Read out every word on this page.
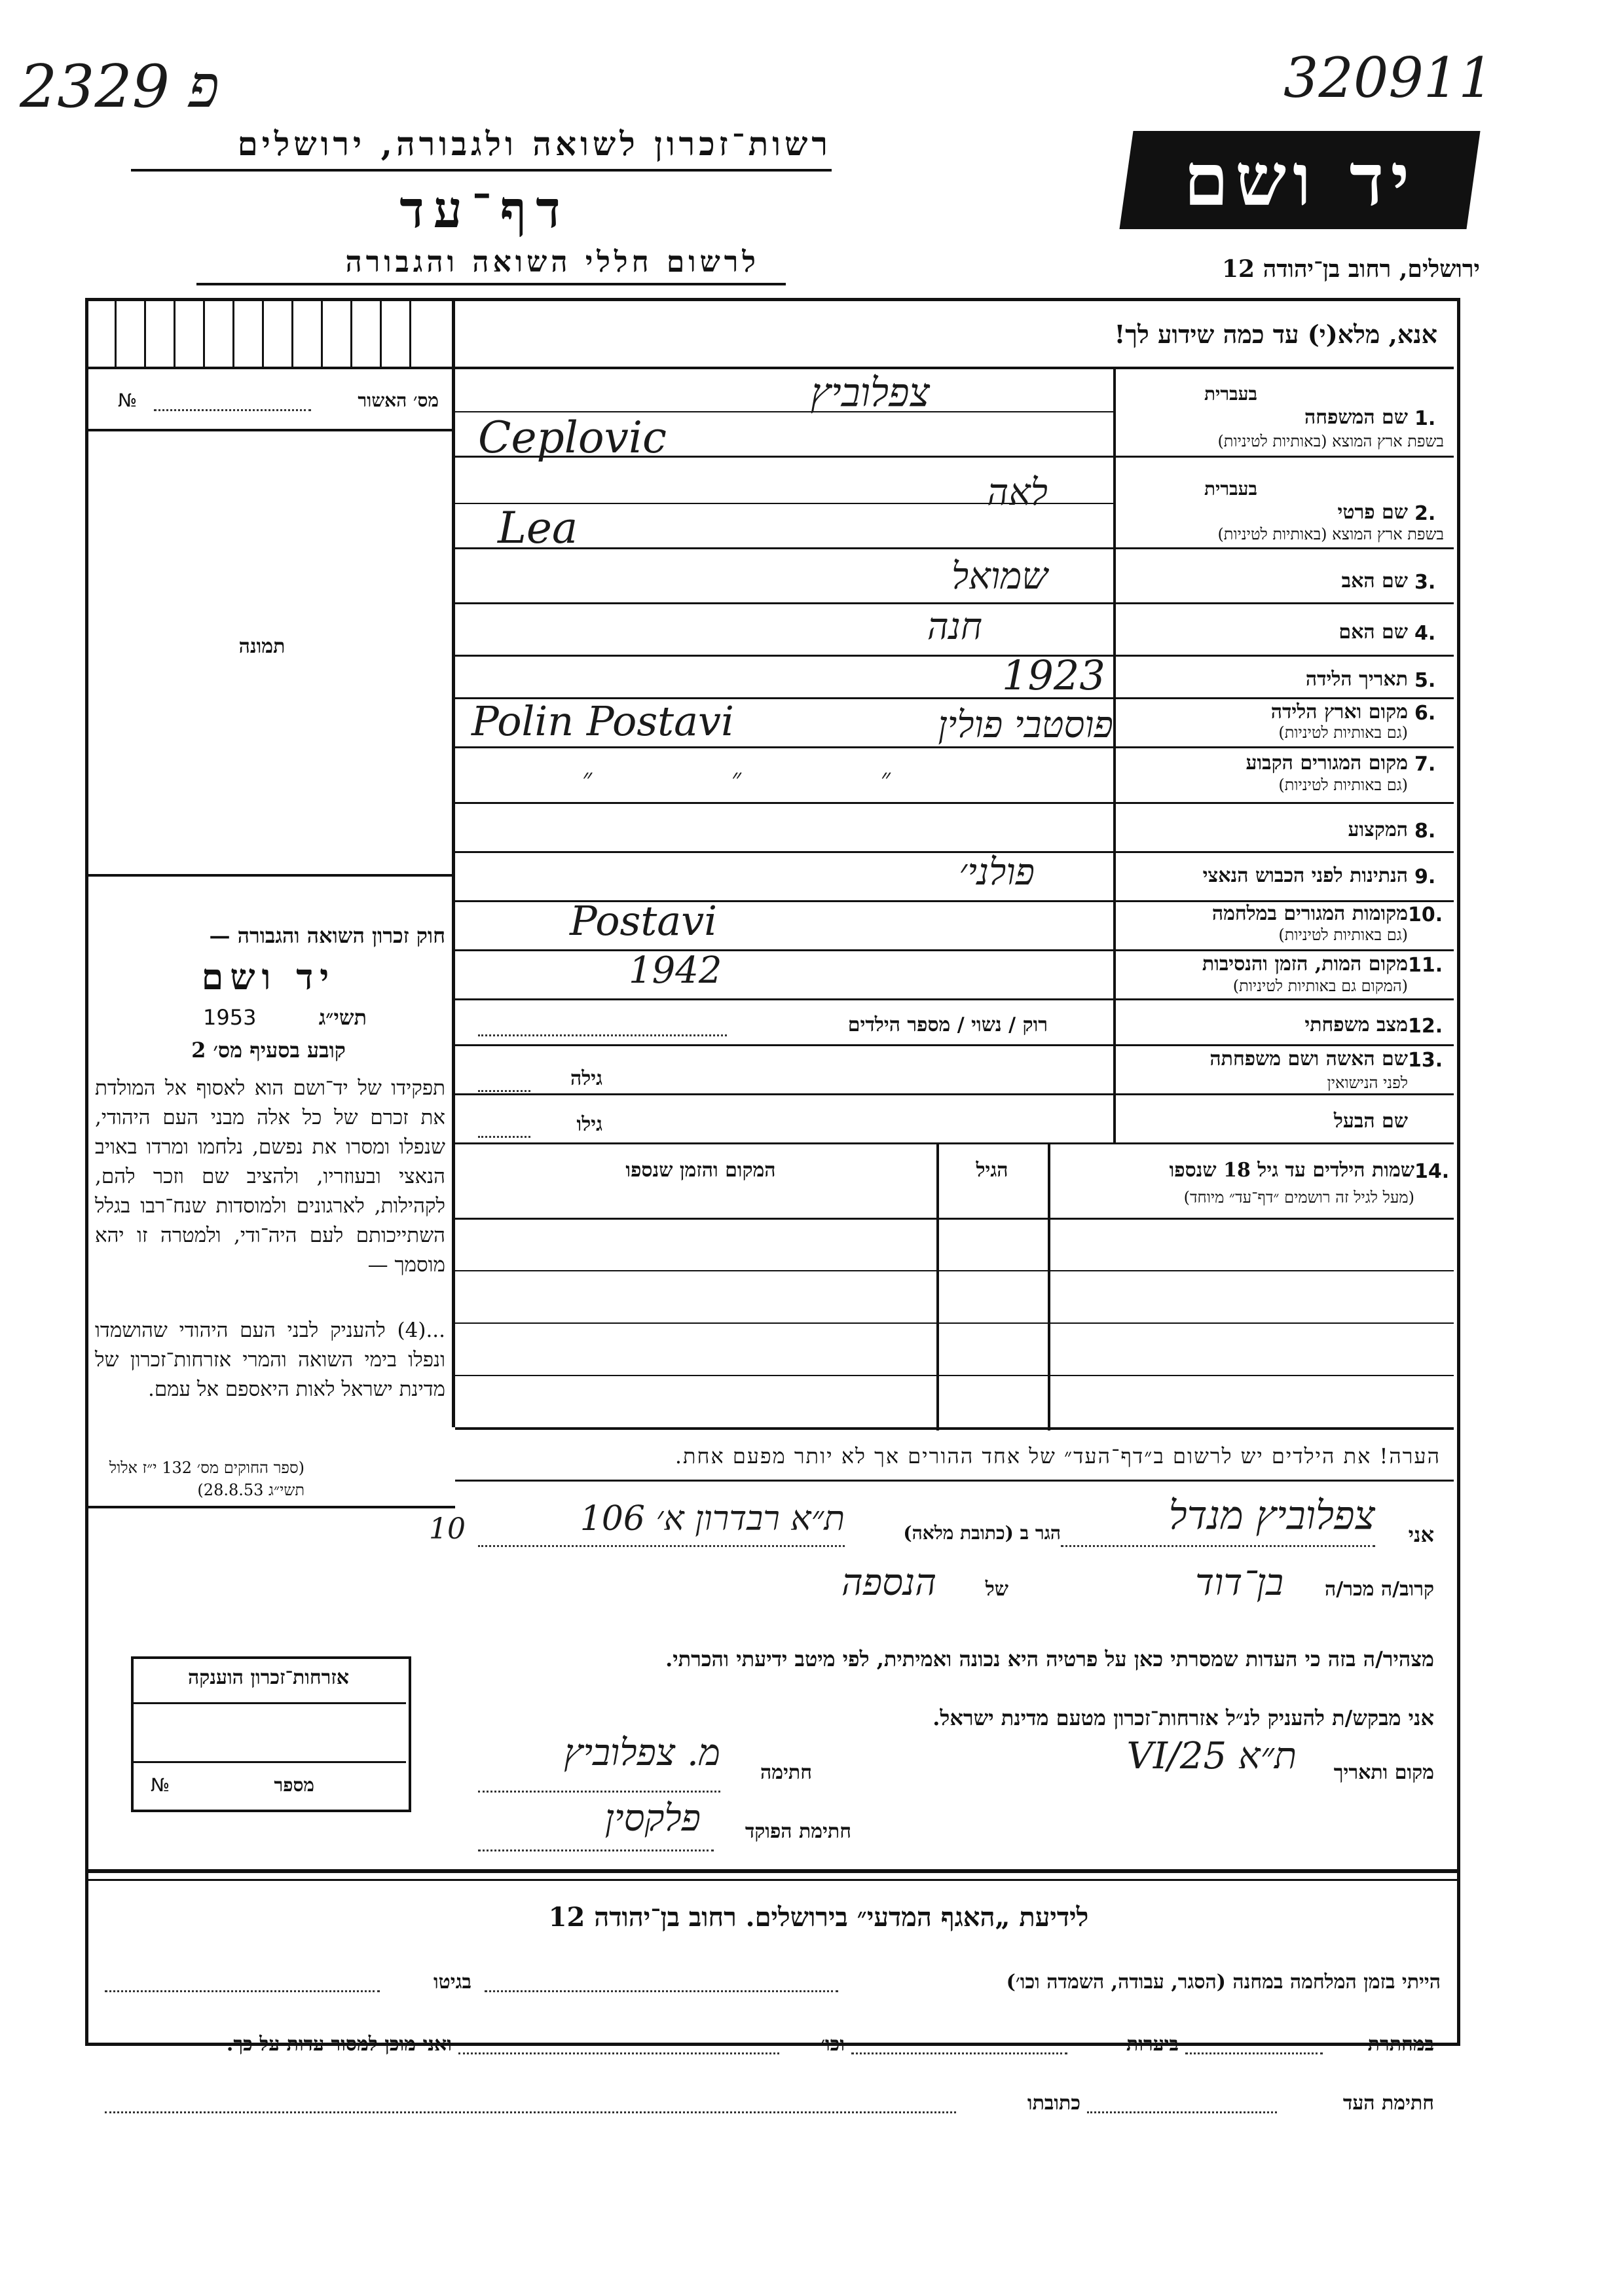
2329 פ	320911
רשות־זכרון לשואה ולגבורה, ירושלים
דף־עד
לרשום חללי השואה והגבורה
יד ושם
ירושלים, רחוב בן־יהודה 12
אנא, מלא(י) עד כמה שידוע לך!
מס׳ האשור
№
תמונה
בעברית
שם המשפחה 1.
בשפת ארץ המוצא (באותיות לטיניות)
צפלוביץ
Ceplovic
בעברית
שם פרטי 2.
בשפת ארץ המוצא (באותיות לטיניות)
לאה
Lea
שם האב 3.
שמואל
שם האם 4.
חנה
תאריך הלידה 5.
1923
מקום וארץ הלידה 6.
(גם באותיות לטיניות)
Polin Postavi	פוסטבי פולין
מקום המגורים הקבוע 7.
(גם באותיות לטיניות)
״ ״ ״
המקצוע 8.
הנתינות לפני הכבוש הנאצי 9.
פולני׳
מקומות המגורים במלחמה 10.
(גם באותיות לטיניות)
Postavi
מקום המות, הזמן והנסיבות 11.
(המקום גם באותיות לטיניות)
1942
מצב משפחתי 12.
רוק / נשוי / מספר הילדים
שם האשה ושם משפחתה 13.
לפני הנישואין
גילה
שם הבעל
גילו
שמות הילדים עד גיל 18 שנספו 14.
(מעל לגיל זה רושמים ״דף־עד״ מיוחד)
הגיל
המקום והזמן שנספו
חוק זכרון השואה והגבורה —
יד ושם
תשי״ג
1953
קובע בסעיף מס׳ 2
תפקידו של יד־ושם הוא לאסוף אל המולדת את זכרם של כל אלה מבני העם היהודי, שנפלו ומסרו את נפשם, נלחמו ומרדו באויב הנאצי ובעוזריו, ולהציב שם וזכר להם, לקהילות, לארגונים ולמוסדות שנח־רבו בגלל השתייכותם לעם היה־ודי, ולמטרה זו יהא מוסמך —
...(4) להעניק לבני העם היהודי שהושמדו ונפלו בימי השואה והמרי אזרחות־זכרון של מדינת ישראל לאות היאספם אל עמם.
(ספר החוקים מס׳ 132 י״ז אלול תשי״ג 28.8.53)
הערה! את הילדים יש לרשום ב״דף־העד״ של אחד ההורים אך לא יותר מפעם אחת.
אני
צפלוביץ מנדל
הגר ב (כתובת מלאה)
ת״א רבדרון א׳ 106
10
קרוב/ה מכר/ה
בן־דוד
של
הנספה
מצהיר/ה בזה כי העדות שמסרתי כאן על פרטיה היא נכונה ואמיתית, לפי מיטב ידיעתי והכרתי.
אני מבקש/ת להעניק לנ״ל אזרחות־זכרון מטעם מדינת ישראל.
מקום ותאריך
ת״א 25/VI
חתימה
מ. צפלוביץ
חתימת הפוקד
פלקסין
אזרחות־זכרון הוענקה
מספר
№
לידיעת „האגף המדעי״ בירושלים. רחוב בן־יהודה 12
הייתי בזמן המלחמה במחנה (הסגר, עבודה, השמדה וכו׳)
בגיטו
במחתרת
ביערות
וכו׳
ואני מוכן למסור עדות על כך.
חתימת העד
כתובתו
